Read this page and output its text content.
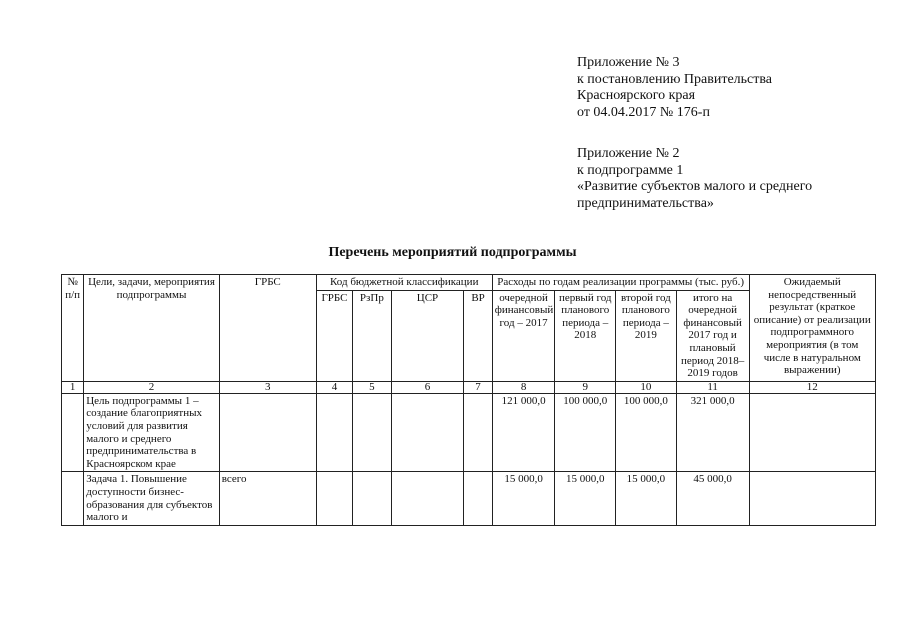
Приложение № 3
к постановлению Правительства
Красноярского края
от 04.04.2017 № 176-п
Приложение № 2
к подпрограмме 1
«Развитие субъектов малого и среднего
предпринимательства»
Перечень мероприятий подпрограммы
№ п/п	Цели, задачи, мероприятия подпрограммы	ГРБС	Код бюджетной классификации				Расходы по годам реализации программы (тыс. руб.)				Ожидаемый непосредственный результат (краткое описание) от реализации подпрограммного мероприятия (в том числе в натуральном выражении)
			ГРБС	РзПр	ЦСР	ВР	очередной финансовый год – 2017	первый год планового периода – 2018	второй год планового периода – 2019	итого на очередной финансовый 2017 год и плановый период 2018–2019 годов	
1	2	3	4	5	6	7	8	9	10	11	12
	Цель подпрограммы 1 – создание благоприятных условий для развития малого и среднего предпринимательства в Красноярском крае						121 000,0	100 000,0	100 000,0	321 000,0	
	Задача 1. Повышение доступности бизнес-образования для субъектов малого и	всего					15 000,0	15 000,0	15 000,0	45 000,0	
